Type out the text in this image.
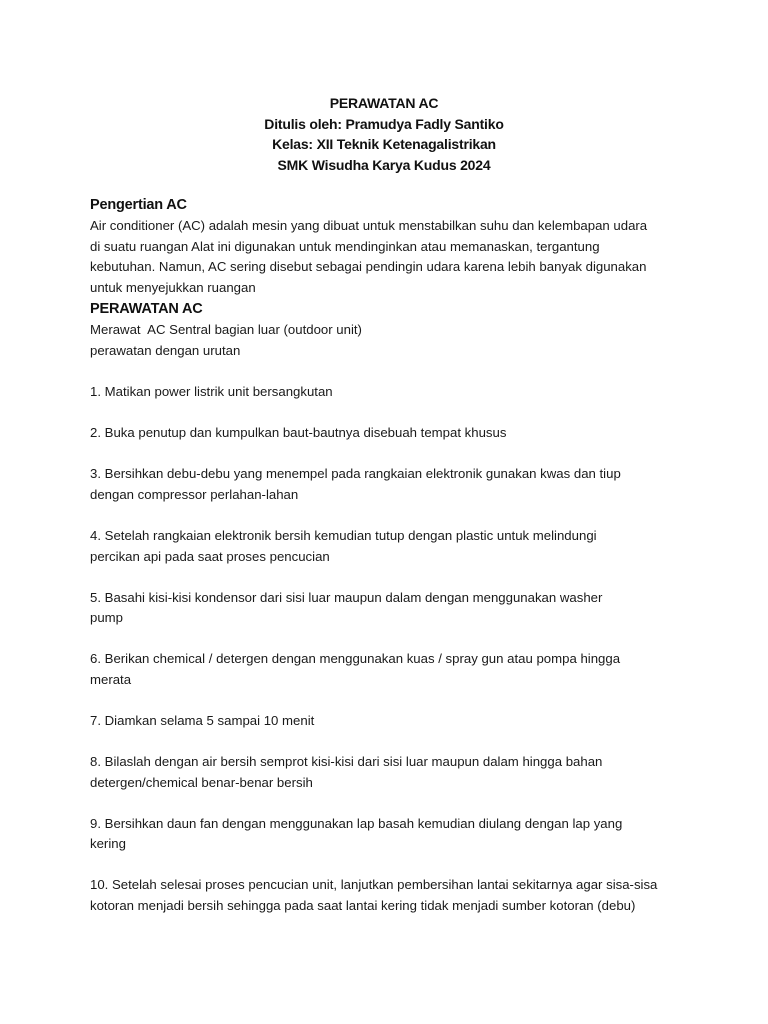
PERAWATAN AC
Ditulis oleh: Pramudya Fadly Santiko
Kelas: XII Teknik Ketenagalistrikan
SMK Wisudha Karya Kudus 2024
Pengertian AC
Air conditioner (AC) adalah mesin yang dibuat untuk menstabilkan suhu dan kelembapan udara
di suatu ruangan Alat ini digunakan untuk mendinginkan atau memanaskan, tergantung
kebutuhan. Namun, AC sering disebut sebagai pendingin udara karena lebih banyak digunakan
untuk menyejukkan ruangan
PERAWATAN AC
Merawat  AC Sentral bagian luar (outdoor unit)
perawatan dengan urutan
1. Matikan power listrik unit bersangkutan
2. Buka penutup dan kumpulkan baut-bautnya disebuah tempat khusus
3. Bersihkan debu-debu yang menempel pada rangkaian elektronik gunakan kwas dan tiup
dengan compressor perlahan-lahan
4. Setelah rangkaian elektronik bersih kemudian tutup dengan plastic untuk melindungi
percikan api pada saat proses pencucian
5. Basahi kisi-kisi kondensor dari sisi luar maupun dalam dengan menggunakan washer
pump
6. Berikan chemical / detergen dengan menggunakan kuas / spray gun atau pompa hingga
merata
7. Diamkan selama 5 sampai 10 menit
8. Bilaslah dengan air bersih semprot kisi-kisi dari sisi luar maupun dalam hingga bahan
detergen/chemical benar-benar bersih
9. Bersihkan daun fan dengan menggunakan lap basah kemudian diulang dengan lap yang
kering
10. Setelah selesai proses pencucian unit, lanjutkan pembersihan lantai sekitarnya agar sisa-sisa
kotoran menjadi bersih sehingga pada saat lantai kering tidak menjadi sumber kotoran (debu)
